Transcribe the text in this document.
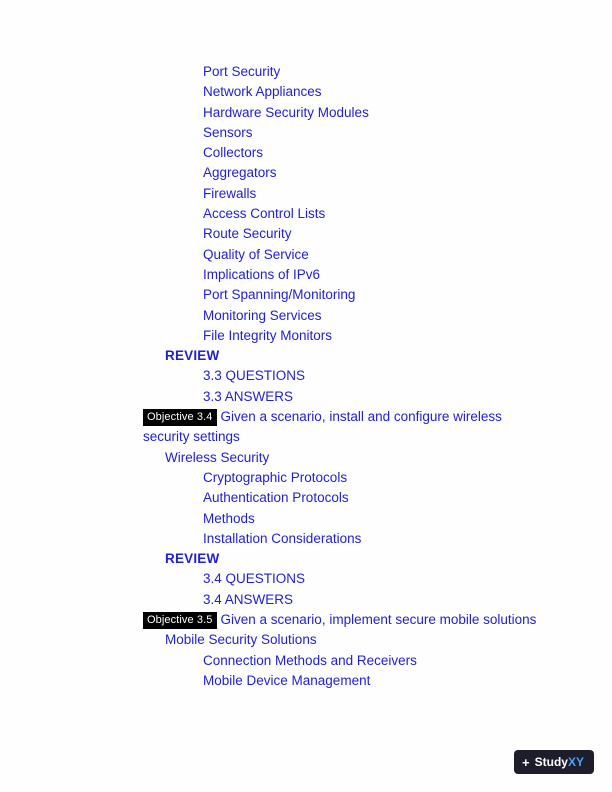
Port Security
Network Appliances
Hardware Security Modules
Sensors
Collectors
Aggregators
Firewalls
Access Control Lists
Route Security
Quality of Service
Implications of IPv6
Port Spanning/Monitoring
Monitoring Services
File Integrity Monitors
REVIEW
3.3 QUESTIONS
3.3 ANSWERS
Objective 3.4 Given a scenario, install and configure wireless security settings
Wireless Security
Cryptographic Protocols
Authentication Protocols
Methods
Installation Considerations
REVIEW
3.4 QUESTIONS
3.4 ANSWERS
Objective 3.5 Given a scenario, implement secure mobile solutions
Mobile Security Solutions
Connection Methods and Receivers
Mobile Device Management
+ StudyXY
